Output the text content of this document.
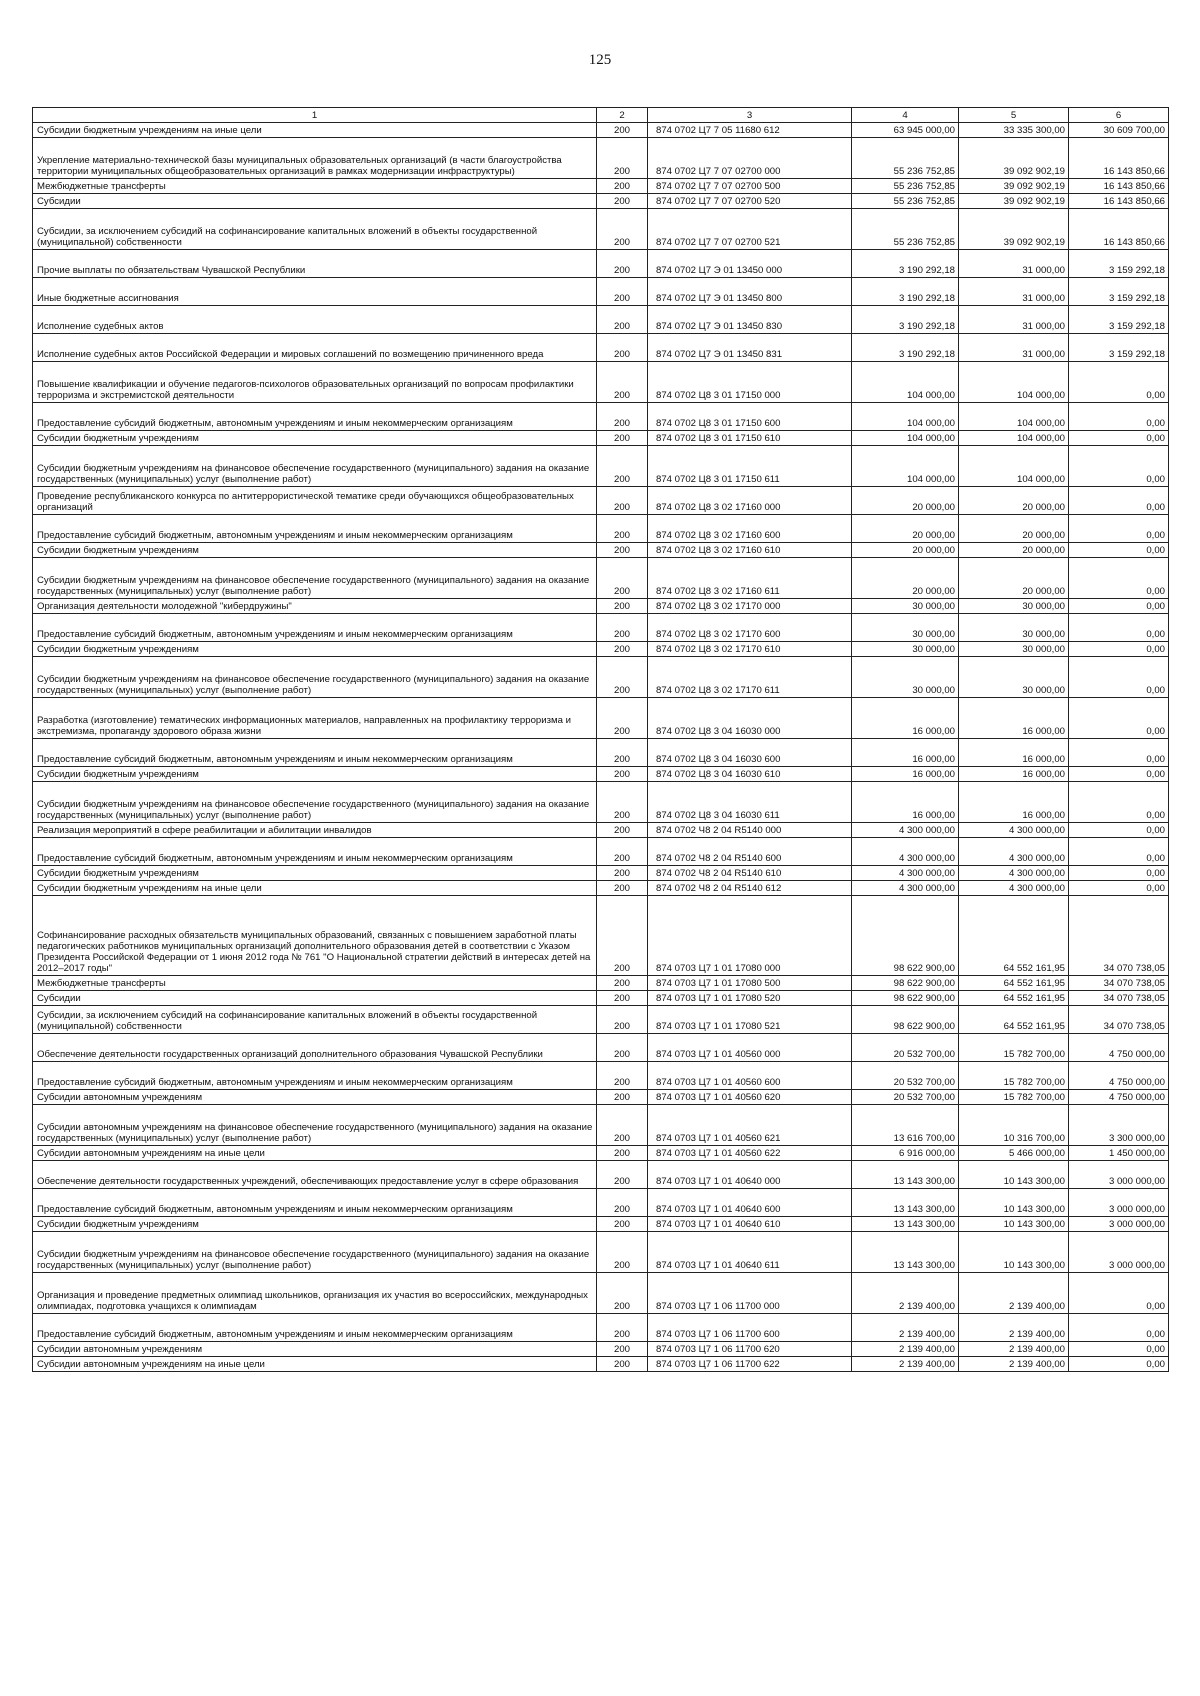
125
1	2	3	4	5	6
Субсидии бюджетным учреждениям на иные цели	200	874 0702 Ц7 7 05 11680 612	63 945 000,00	33 335 300,00	30 609 700,00
Укрепление материально-технической базы муниципальных образовательных организаций (в части благоустройства территории муниципальных общеобразовательных организаций в рамках модернизации инфраструктуры)	200	874 0702 Ц7 7 07 02700 000	55 236 752,85	39 092 902,19	16 143 850,66
Межбюджетные трансферты	200	874 0702 Ц7 7 07 02700 500	55 236 752,85	39 092 902,19	16 143 850,66
Субсидии	200	874 0702 Ц7 7 07 02700 520	55 236 752,85	39 092 902,19	16 143 850,66
Субсидии, за исключением субсидий на софинансирование капитальных вложений в объекты государственной (муниципальной) собственности	200	874 0702 Ц7 7 07 02700 521	55 236 752,85	39 092 902,19	16 143 850,66
Прочие выплаты по обязательствам Чувашской Республики	200	874 0702 Ц7 Э 01 13450 000	3 190 292,18	31 000,00	3 159 292,18
Иные бюджетные ассигнования	200	874 0702 Ц7 Э 01 13450 800	3 190 292,18	31 000,00	3 159 292,18
Исполнение судебных актов	200	874 0702 Ц7 Э 01 13450 830	3 190 292,18	31 000,00	3 159 292,18
Исполнение судебных актов Российской Федерации и мировых соглашений по возмещению причиненного вреда	200	874 0702 Ц7 Э 01 13450 831	3 190 292,18	31 000,00	3 159 292,18
Повышение квалификации и обучение педагогов-психологов образовательных организаций по вопросам профилактики терроризма и экстремистской деятельности	200	874 0702 Ц8 3 01 17150 000	104 000,00	104 000,00	0,00
Предоставление субсидий бюджетным, автономным учреждениям и иным некоммерческим организациям	200	874 0702 Ц8 3 01 17150 600	104 000,00	104 000,00	0,00
Субсидии бюджетным учреждениям	200	874 0702 Ц8 3 01 17150 610	104 000,00	104 000,00	0,00
Субсидии бюджетным учреждениям на финансовое обеспечение государственного (муниципального) задания на оказание государственных (муниципальных) услуг (выполнение работ)	200	874 0702 Ц8 3 01 17150 611	104 000,00	104 000,00	0,00
Проведение республиканского конкурса по антитеррористической тематике среди обучающихся общеобразовательных организаций	200	874 0702 Ц8 3 02 17160 000	20 000,00	20 000,00	0,00
Предоставление субсидий бюджетным, автономным учреждениям и иным некоммерческим организациям	200	874 0702 Ц8 3 02 17160 600	20 000,00	20 000,00	0,00
Субсидии бюджетным учреждениям	200	874 0702 Ц8 3 02 17160 610	20 000,00	20 000,00	0,00
Субсидии бюджетным учреждениям на финансовое обеспечение государственного (муниципального) задания на оказание государственных (муниципальных) услуг (выполнение работ)	200	874 0702 Ц8 3 02 17160 611	20 000,00	20 000,00	0,00
Организация деятельности молодежной "кибердружины"	200	874 0702 Ц8 3 02 17170 000	30 000,00	30 000,00	0,00
Предоставление субсидий бюджетным, автономным учреждениям и иным некоммерческим организациям	200	874 0702 Ц8 3 02 17170 600	30 000,00	30 000,00	0,00
Субсидии бюджетным учреждениям	200	874 0702 Ц8 3 02 17170 610	30 000,00	30 000,00	0,00
Субсидии бюджетным учреждениям на финансовое обеспечение государственного (муниципального) задания на оказание государственных (муниципальных) услуг (выполнение работ)	200	874 0702 Ц8 3 02 17170 611	30 000,00	30 000,00	0,00
Разработка (изготовление) тематических информационных материалов, направленных на профилактику терроризма и экстремизма, пропаганду здорового образа жизни	200	874 0702 Ц8 3 04 16030 000	16 000,00	16 000,00	0,00
Предоставление субсидий бюджетным, автономным учреждениям и иным некоммерческим организациям	200	874 0702 Ц8 3 04 16030 600	16 000,00	16 000,00	0,00
Субсидии бюджетным учреждениям	200	874 0702 Ц8 3 04 16030 610	16 000,00	16 000,00	0,00
Субсидии бюджетным учреждениям на финансовое обеспечение государственного (муниципального) задания на оказание государственных (муниципальных) услуг (выполнение работ)	200	874 0702 Ц8 3 04 16030 611	16 000,00	16 000,00	0,00
Реализация мероприятий в сфере реабилитации и абилитации инвалидов	200	874 0702 Ч8 2 04 R5140 000	4 300 000,00	4 300 000,00	0,00
Предоставление субсидий бюджетным, автономным учреждениям и иным некоммерческим организациям	200	874 0702 Ч8 2 04 R5140 600	4 300 000,00	4 300 000,00	0,00
Субсидии бюджетным учреждениям	200	874 0702 Ч8 2 04 R5140 610	4 300 000,00	4 300 000,00	0,00
Субсидии бюджетным учреждениям на иные цели	200	874 0702 Ч8 2 04 R5140 612	4 300 000,00	4 300 000,00	0,00
Софинансирование расходных обязательств муниципальных образований, связанных с повышением заработной платы педагогических работников муниципальных организаций дополнительного образования детей в соответствии с Указом Президента Российской Федерации от 1 июня 2012 года № 761 "О Национальной стратегии действий в интересах детей на 2012–2017 годы"	200	874 0703 Ц7 1 01 17080 000	98 622 900,00	64 552 161,95	34 070 738,05
Межбюджетные трансферты	200	874 0703 Ц7 1 01 17080 500	98 622 900,00	64 552 161,95	34 070 738,05
Субсидии	200	874 0703 Ц7 1 01 17080 520	98 622 900,00	64 552 161,95	34 070 738,05
Субсидии, за исключением субсидий на софинансирование капитальных вложений в объекты государственной (муниципальной) собственности	200	874 0703 Ц7 1 01 17080 521	98 622 900,00	64 552 161,95	34 070 738,05
Обеспечение деятельности государственных организаций дополнительного образования Чувашской Республики	200	874 0703 Ц7 1 01 40560 000	20 532 700,00	15 782 700,00	4 750 000,00
Предоставление субсидий бюджетным, автономным учреждениям и иным некоммерческим организациям	200	874 0703 Ц7 1 01 40560 600	20 532 700,00	15 782 700,00	4 750 000,00
Субсидии автономным учреждениям	200	874 0703 Ц7 1 01 40560 620	20 532 700,00	15 782 700,00	4 750 000,00
Субсидии автономным учреждениям на финансовое обеспечение государственного (муниципального) задания на оказание государственных (муниципальных) услуг (выполнение работ)	200	874 0703 Ц7 1 01 40560 621	13 616 700,00	10 316 700,00	3 300 000,00
Субсидии автономным учреждениям на иные цели	200	874 0703 Ц7 1 01 40560 622	6 916 000,00	5 466 000,00	1 450 000,00
Обеспечение деятельности государственных учреждений, обеспечивающих предоставление услуг в сфере образования	200	874 0703 Ц7 1 01 40640 000	13 143 300,00	10 143 300,00	3 000 000,00
Предоставление субсидий бюджетным, автономным учреждениям и иным некоммерческим организациям	200	874 0703 Ц7 1 01 40640 600	13 143 300,00	10 143 300,00	3 000 000,00
Субсидии бюджетным учреждениям	200	874 0703 Ц7 1 01 40640 610	13 143 300,00	10 143 300,00	3 000 000,00
Субсидии бюджетным учреждениям на финансовое обеспечение государственного (муниципального) задания на оказание государственных (муниципальных) услуг (выполнение работ)	200	874 0703 Ц7 1 01 40640 611	13 143 300,00	10 143 300,00	3 000 000,00
Организация и проведение предметных олимпиад школьников, организация их участия во всероссийских, международных олимпиадах, подготовка учащихся к олимпиадам	200	874 0703 Ц7 1 06 11700 000	2 139 400,00	2 139 400,00	0,00
Предоставление субсидий бюджетным, автономным учреждениям и иным некоммерческим организациям	200	874 0703 Ц7 1 06 11700 600	2 139 400,00	2 139 400,00	0,00
Субсидии автономным учреждениям	200	874 0703 Ц7 1 06 11700 620	2 139 400,00	2 139 400,00	0,00
Субсидии автономным учреждениям на иные цели	200	874 0703 Ц7 1 06 11700 622	2 139 400,00	2 139 400,00	0,00
